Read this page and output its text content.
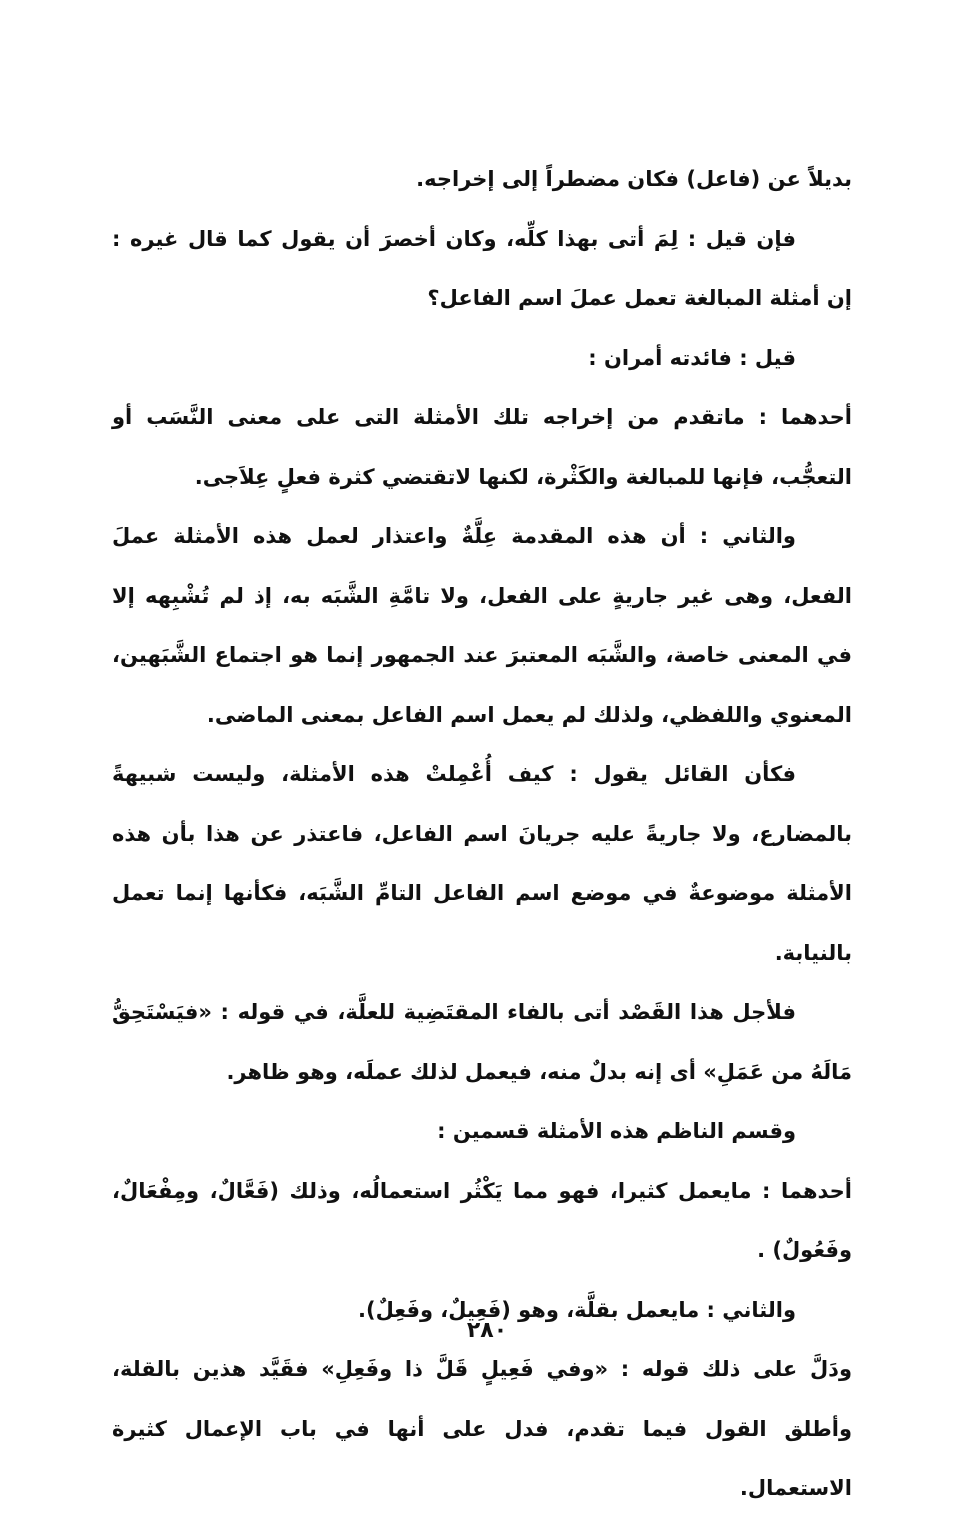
بديلاً عن (فاعل) فكان مضطراً إلى إخراجه.

فإن قيل : لِمَ أتى بهذا كلِّه، وكان أخصرَ أن يقول كما قال غيره : إن أمثلة المبالغة تعمل عملَ اسم الفاعل؟

قيل : فائدته أمران :

أحدهما : ماتقدم من إخراجه تلك الأمثلة التى على معنى النَّسَب أو التعجُّب، فإنها للمبالغة والكَثْرة، لكنها لاتقتضي كثرة فعلٍ عِلاَجى.

والثاني : أن هذه المقدمة عِلَّةٌ واعتذار لعمل هذه الأمثلة عملَ الفعل، وهى غير جاريةٍ على الفعل، ولا تامَّةِ الشَّبَه به، إذ لم تُشْبِهه إلا في المعنى خاصة، والشَّبَه المعتبرَ عند الجمهور إنما هو اجتماع الشَّبَهين، المعنوي واللفظي، ولذلك لم يعمل اسم الفاعل بمعنى الماضى.

فكأن القائل يقول : كيف أُعْمِلتْ هذه الأمثلة، وليست شبيهةً بالمضارع، ولا جاريةً عليه جريانَ اسم الفاعل، فاعتذر عن هذا بأن هذه الأمثلة موضوعةٌ في موضع اسم الفاعل التامِّ الشَّبَه، فكأنها إنما تعمل بالنيابة.

فلأجل هذا القَصْد أتى بالفاء المقتَضِية للعلَّة، في قوله : «فيَسْتَحِقُّ مَالَهُ من عَمَلِ» أى إنه بدلٌ منه، فيعمل لذلك عملَه، وهو ظاهر.

وقسم الناظم هذه الأمثلة قسمين :

أحدهما : مايعمل كثيرا، فهو مما يَكْثُر استعمالُه، وذلك (فَعَّالٌ، ومِفْعَالٌ، وفَعُولٌ) .

والثاني : مايعمل بقلَّة، وهو (فَعِيلٌ، وفَعِلٌ).

ودَلَّ على ذلك قوله : «وفي فَعِيلٍ قَلَّ ذا وفَعِلِ» فقَيَّد هذين بالقلة، وأطلق القول فيما تقدم، فدل على أنها في باب الإعمال كثيرة الاستعمال.

٢٨٠
